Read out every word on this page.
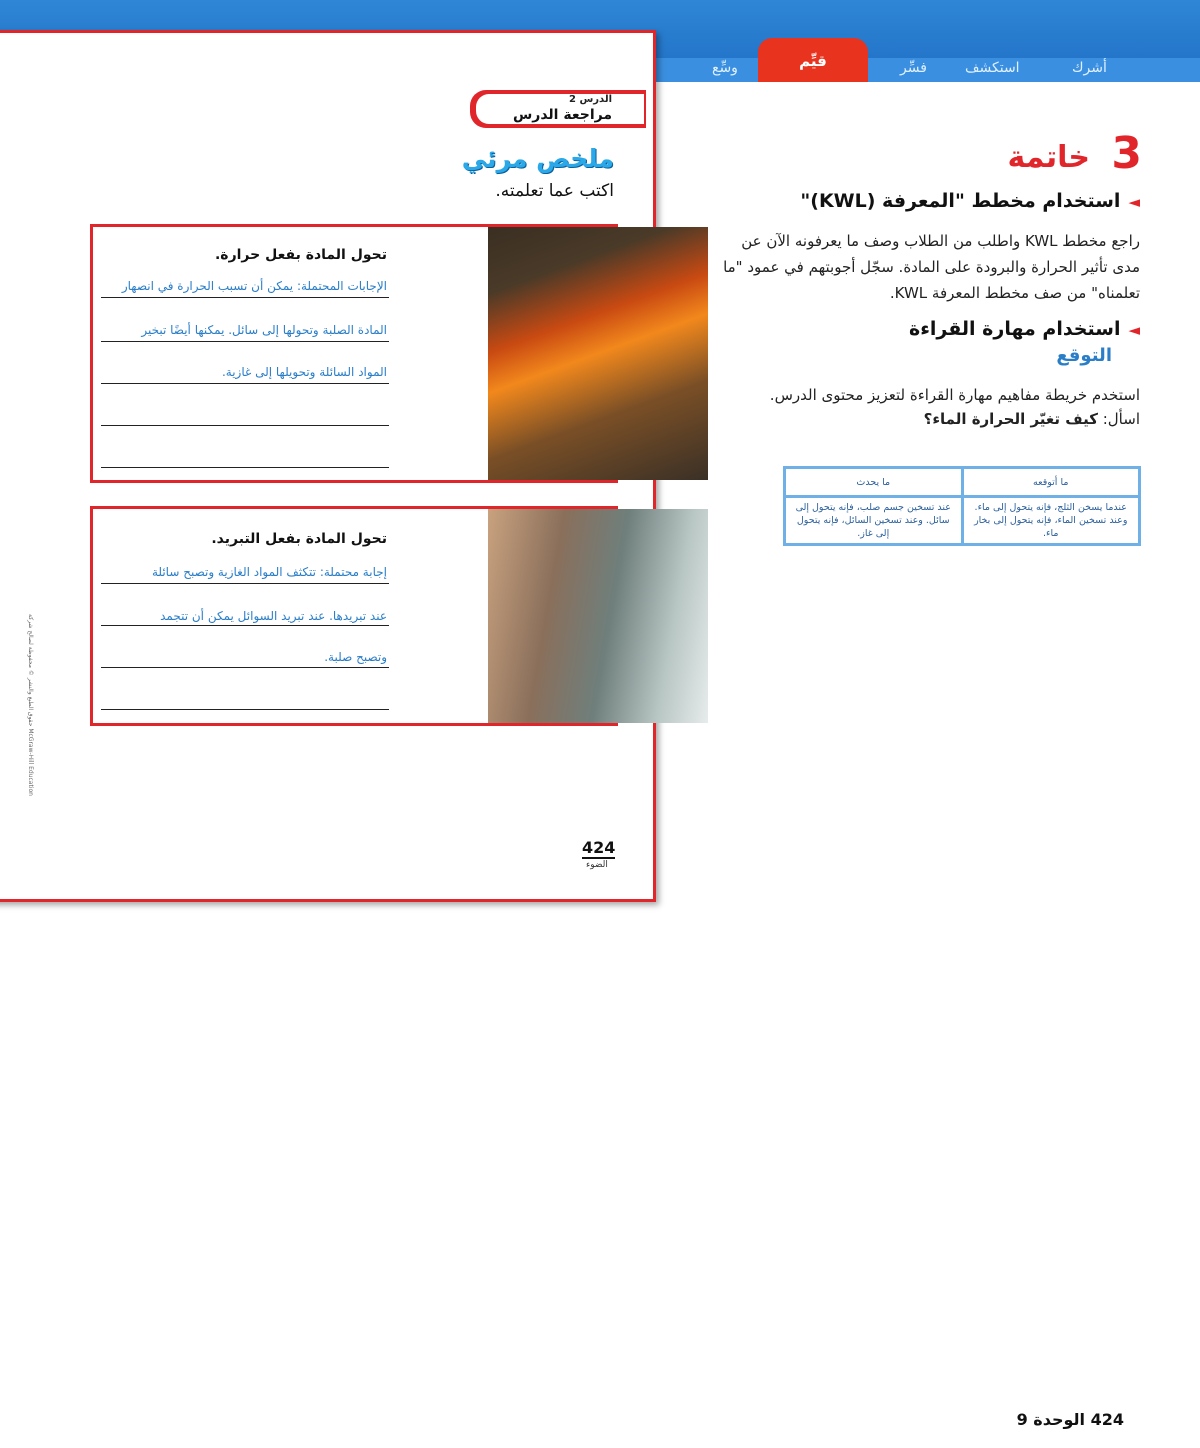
أشرك
استكشف
فسِّر
قيِّم
وسِّع
الدرس 2
مراجعة الدرس
ملخص مرئي
اكتب عما تعلمته.
تحول المادة بفعل حرارة.
الإجابات المحتملة: يمكن أن تسبب الحرارة في انصهار
المادة الصلبة وتحولها إلى سائل. يمكنها أيضًا تبخير
المواد السائلة وتحويلها إلى غازية.
تحول المادة بفعل التبريد.
إجابة محتملة: تتكثف المواد الغازية وتصبح سائلة
عند تبريدها. عند تبريد السوائل يمكن أن تتجمد
وتصبح صلبة.
424
الضوء
حقوق الطبع والنشر © محفوظة لصالح شركة McGraw-Hill Education
3
خاتمة
◄استخدام مخطط "المعرفة (KWL)"
راجع مخطط KWL واطلب من الطلاب وصف ما يعرفونه الآن عن مدى تأثير الحرارة والبرودة على المادة. سجّل أجوبتهم في عمود "ما تعلمناه" من صف مخطط المعرفة KWL.
◄استخدام مهارة القراءة
التوقع
استخدم خريطة مفاهيم مهارة القراءة لتعزيز محتوى الدرس.
اسأل: كيف تغيّر الحرارة الماء؟
ما أتوقعه	ما يحدث
عندما يسخن الثلج، فإنه يتحول إلى ماء. وعند تسخين الماء، فإنه يتحول إلى بخار ماء.	عند تسخين جسم صلب، فإنه يتحول إلى سائل. وعند تسخين السائل، فإنه يتحول إلى غاز.
424 الوحدة 9
